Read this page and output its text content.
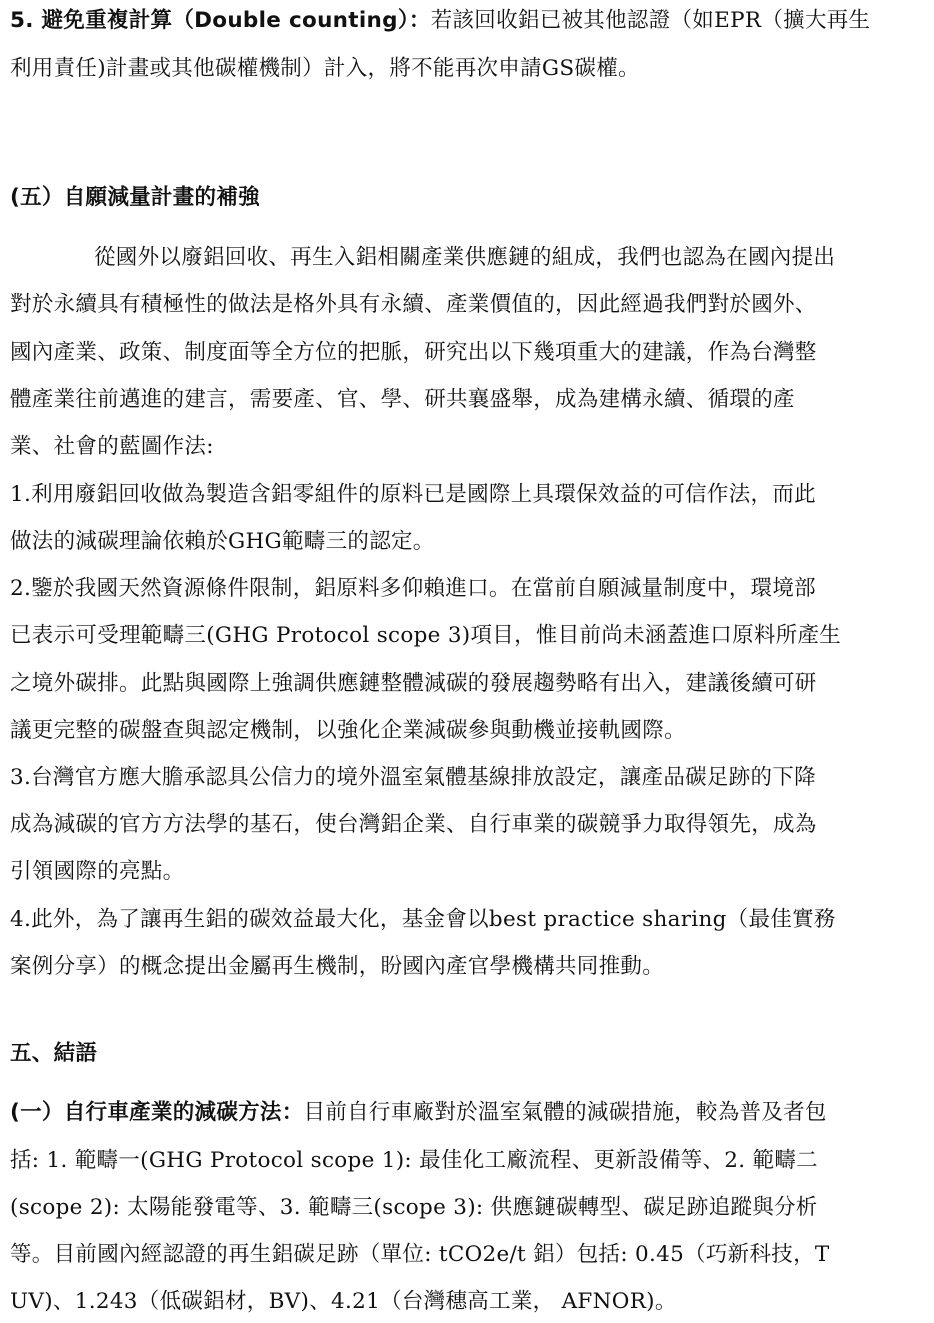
5. 避免重複計算（Double counting）：若該回收鋁已被其他認證（如EPR（擴大再生
利用責任)計畫或其他碳權機制）計入，將不能再次申請GS碳權。
(五）自願減量計畫的補強
從國外以廢鋁回收、再生入鋁相關產業供應鏈的組成，我們也認為在國內提出
對於永續具有積極性的做法是格外具有永續、產業價值的，因此經過我們對於國外、
國內產業、政策、制度面等全方位的把脈，研究出以下幾項重大的建議，作為台灣整
體產業往前邁進的建言，需要產、官、學、研共襄盛舉，成為建構永續、循環的產
業、社會的藍圖作法:
1.利用廢鋁回收做為製造含鋁零組件的原料已是國際上具環保效益的可信作法，而此
做法的減碳理論依賴於GHG範疇三的認定。
2.鑒於我國天然資源條件限制，鋁原料多仰賴進口。在當前自願減量制度中，環境部
已表示可受理範疇三(GHG Protocol scope 3)項目，惟目前尚未涵蓋進口原料所產生
之境外碳排。此點與國際上強調供應鏈整體減碳的發展趨勢略有出入，建議後續可研
議更完整的碳盤查與認定機制，以強化企業減碳參與動機並接軌國際。
3.台灣官方應大膽承認具公信力的境外溫室氣體基線排放設定，讓產品碳足跡的下降
成為減碳的官方方法學的基石，使台灣鋁企業、自行車業的碳競爭力取得領先，成為
引領國際的亮點。
4.此外，為了讓再生鋁的碳效益最大化，基金會以best practice sharing（最佳實務
案例分享）的概念提出金屬再生機制，盼國內產官學機構共同推動。
五、結語
(一）自行車產業的減碳方法：目前自行車廠對於溫室氣體的減碳措施，較為普及者包
括: 1. 範疇一(GHG Protocol scope 1): 最佳化工廠流程、更新設備等、2. 範疇二
(scope 2): 太陽能發電等、3. 範疇三(scope 3): 供應鏈碳轉型、碳足跡追蹤與分析
等。目前國內經認證的再生鋁碳足跡（單位: tCO2e/t 鋁）包括: 0.45（巧新科技，T
UV)、1.243（低碳鋁材，BV)、4.21（台灣穗高工業， AFNOR)。
